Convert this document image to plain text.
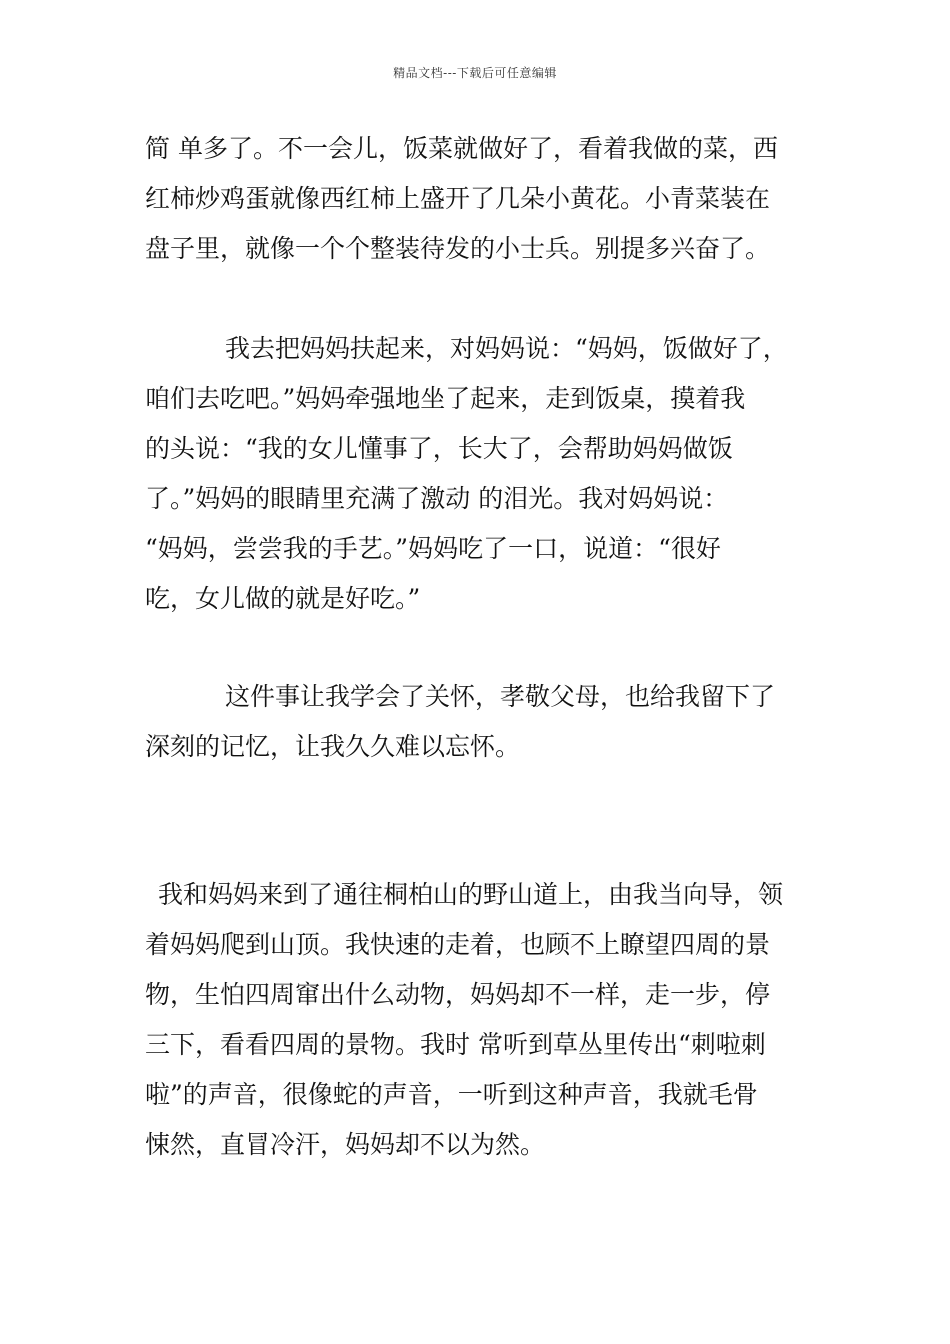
精品文档---下载后可任意编辑
简 单多了。不一会儿，饭菜就做好了，看着我做的菜，西
红柿炒鸡蛋就像西红柿上盛开了几朵小黄花。小青菜装在
盘子里，就像一个个整装待发的小士兵。别提多兴奋了。
我去把妈妈扶起来，对妈妈说：“妈妈，饭做好了，
咱们去吃吧。”妈妈牵强地坐了起来，走到饭桌，摸着我
的头说：“我的女儿懂事了，长大了，会帮助妈妈做饭
了。”妈妈的眼睛里充满了激动 的泪光。我对妈妈说：
“妈妈，尝尝我的手艺。”妈妈吃了一口，说道：“很好
吃，女儿做的就是好吃。”
这件事让我学会了关怀，孝敬父母，也给我留下了
深刻的记忆，让我久久难以忘怀。
我和妈妈来到了通往桐柏山的野山道上，由我当向导，领
着妈妈爬到山顶。我快速的走着，也顾不上瞭望四周的景
物，生怕四周窜出什么动物，妈妈却不一样，走一步，停
三下，看看四周的景物。我时 常听到草丛里传出“刺啦刺
啦”的声音，很像蛇的声音，一听到这种声音，我就毛骨
悚然，直冒冷汗，妈妈却不以为然。
